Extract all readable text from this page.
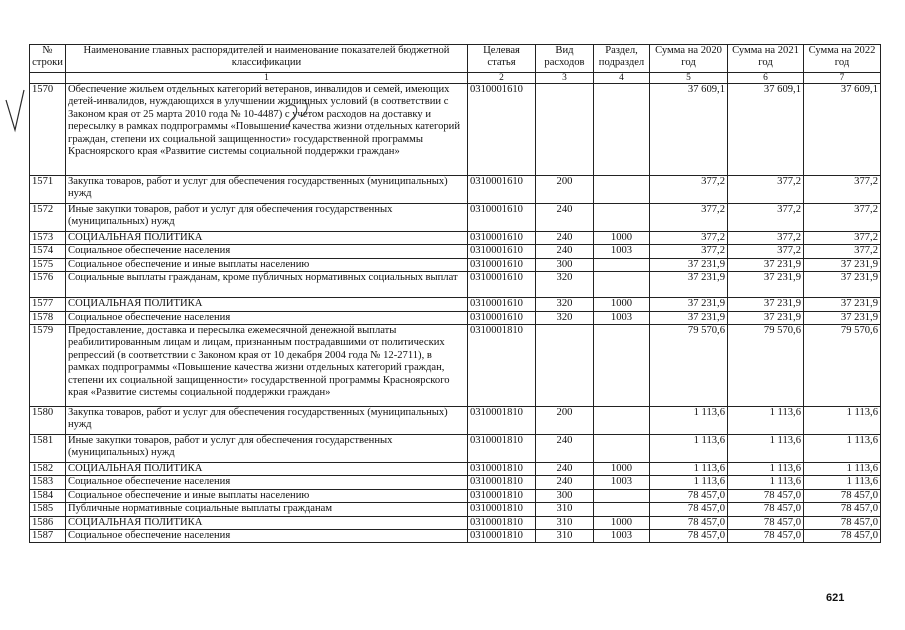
№ строки	Наименование главных распорядителей и наименование показателей бюджетной классификации	Целевая статья	Вид расходов	Раздел, подраздел	Сумма на 2020 год	Сумма на 2021 год	Сумма на 2022 год
	1	2	3	4	5	6	7
1570	Обеспечение жильем отдельных категорий ветеранов, инвалидов и семей, имеющих детей-инвалидов, нуждающихся в улучшении жилищных условий (в соответствии с Законом края от 25 марта 2010 года № 10-4487) с учетом расходов на доставку и пересылку в рамках подпрограммы «Повышение качества жизни отдельных категорий граждан, степени их социальной защищенности» государственной программы Красноярского края «Развитие системы социальной поддержки граждан»	0310001610			37 609,1	37 609,1	37 609,1
1571	Закупка товаров, работ и услуг для обеспечения государственных (муниципальных) нужд	0310001610	200		377,2	377,2	377,2
1572	Иные закупки товаров, работ и услуг для обеспечения государственных (муниципальных) нужд	0310001610	240		377,2	377,2	377,2
1573	СОЦИАЛЬНАЯ ПОЛИТИКА	0310001610	240	1000	377,2	377,2	377,2
1574	Социальное обеспечение населения	0310001610	240	1003	377,2	377,2	377,2
1575	Социальное обеспечение и иные выплаты населению	0310001610	300		37 231,9	37 231,9	37 231,9
1576	Социальные выплаты гражданам, кроме публичных нормативных социальных выплат	0310001610	320		37 231,9	37 231,9	37 231,9
1577	СОЦИАЛЬНАЯ ПОЛИТИКА	0310001610	320	1000	37 231,9	37 231,9	37 231,9
1578	Социальное обеспечение населения	0310001610	320	1003	37 231,9	37 231,9	37 231,9
1579	Предоставление, доставка и пересылка ежемесячной денежной выплаты реабилитированным лицам и лицам, признанным пострадавшими от политических репрессий (в соответствии с Законом края от 10 декабря 2004 года № 12-2711), в рамках подпрограммы «Повышение качества жизни отдельных категорий граждан, степени их социальной защищенности» государственной программы Красноярского края «Развитие системы социальной поддержки граждан»	0310001810			79 570,6	79 570,6	79 570,6
1580	Закупка товаров, работ и услуг для обеспечения государственных (муниципальных) нужд	0310001810	200		1 113,6	1 113,6	1 113,6
1581	Иные закупки товаров, работ и услуг для обеспечения государственных (муниципальных) нужд	0310001810	240		1 113,6	1 113,6	1 113,6
1582	СОЦИАЛЬНАЯ ПОЛИТИКА	0310001810	240	1000	1 113,6	1 113,6	1 113,6
1583	Социальное обеспечение населения	0310001810	240	1003	1 113,6	1 113,6	1 113,6
1584	Социальное обеспечение и иные выплаты населению	0310001810	300		78 457,0	78 457,0	78 457,0
1585	Публичные нормативные социальные выплаты гражданам	0310001810	310		78 457,0	78 457,0	78 457,0
1586	СОЦИАЛЬНАЯ ПОЛИТИКА	0310001810	310	1000	78 457,0	78 457,0	78 457,0
1587	Социальное обеспечение населения	0310001810	310	1003	78 457,0	78 457,0	78 457,0
621
